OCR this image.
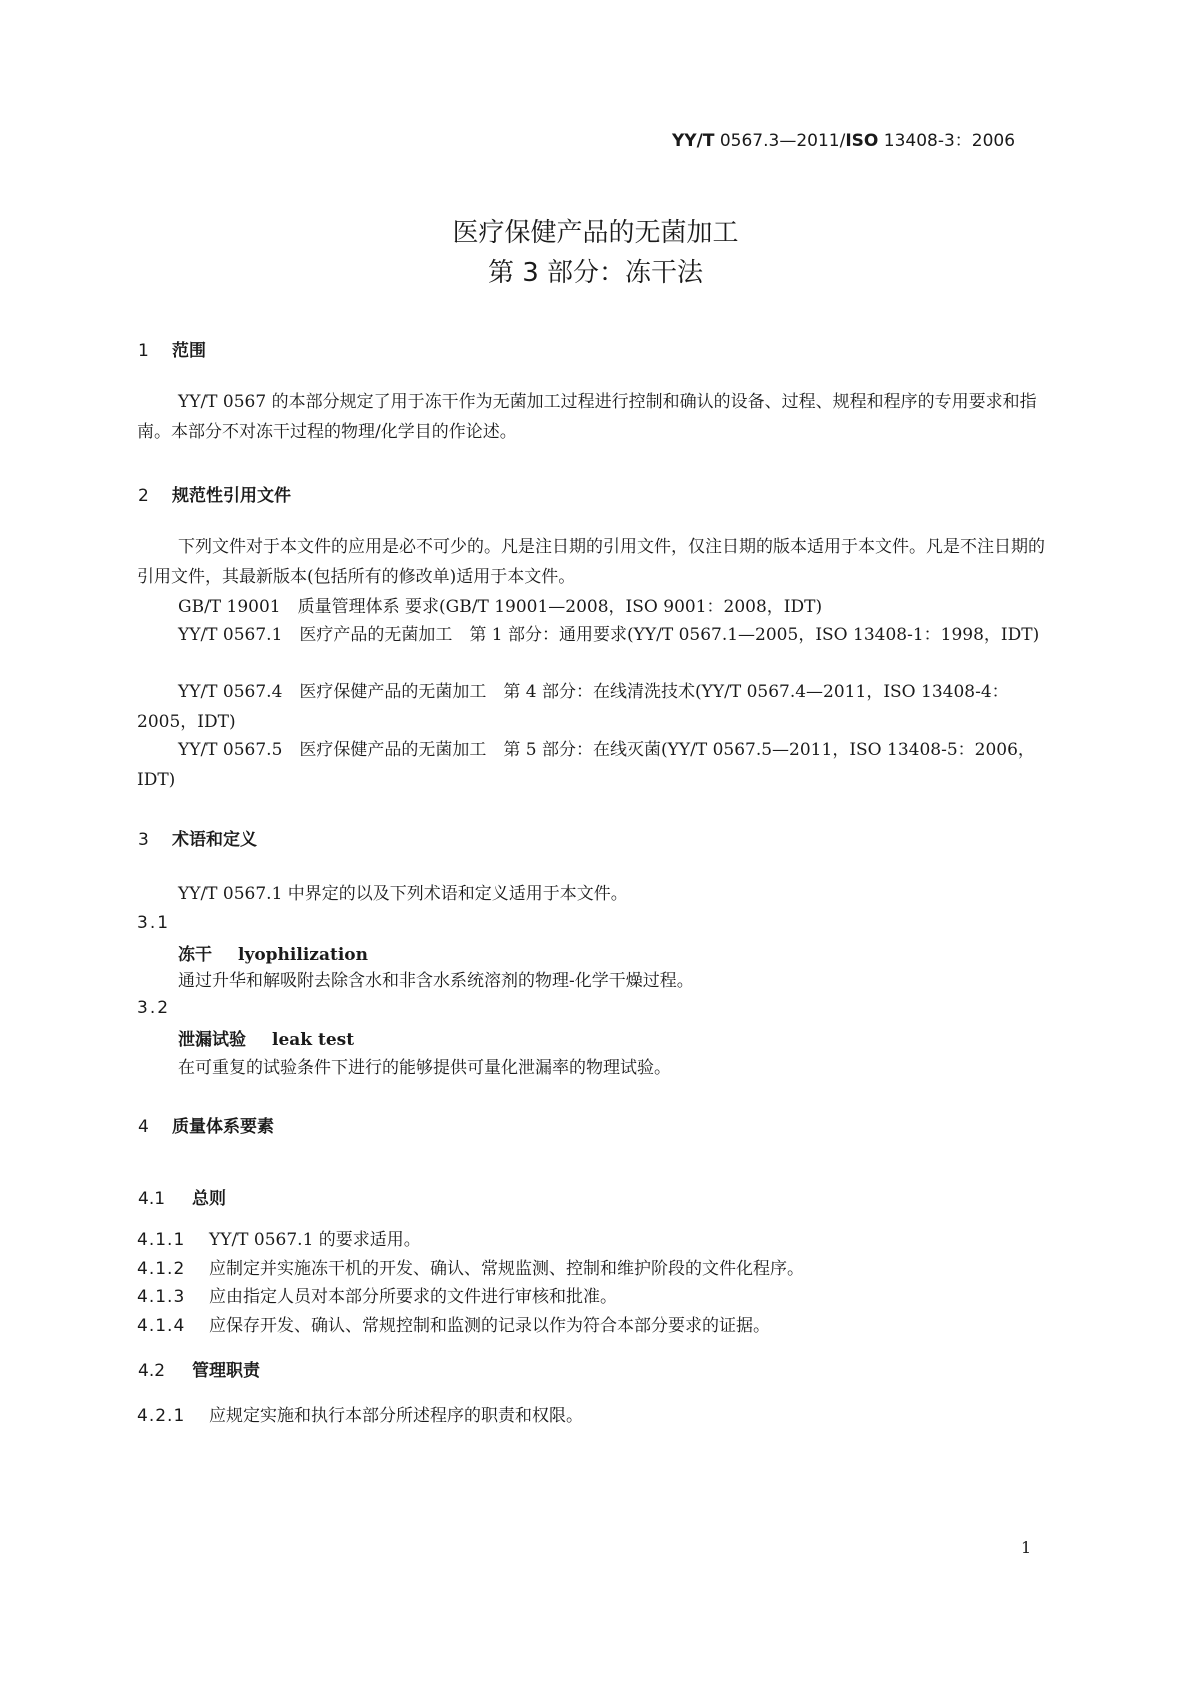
YY/T 0567.3—2011/ISO 13408-3：2006
医疗保健产品的无菌加工
第 3 部分：冻干法
1 范围
YY/T 0567 的本部分规定了用于冻干作为无菌加工过程进行控制和确认的设备、过程、规程和程序的专用要求和指南。本部分不对冻干过程的物理/化学目的作论述。
2 规范性引用文件
下列文件对于本文件的应用是必不可少的。凡是注日期的引用文件，仅注日期的版本适用于本文件。凡是不注日期的引用文件，其最新版本(包括所有的修改单)适用于本文件。
GB/T 19001　质量管理体系 要求(GB/T 19001—2008，ISO 9001：2008，IDT)
YY/T 0567.1　医疗产品的无菌加工　第 1 部分：通用要求(YY/T 0567.1—2005，ISO 13408-1：1998，IDT)
YY/T 0567.4　医疗保健产品的无菌加工　第 4 部分：在线清洗技术(YY/T 0567.4—2011，ISO 13408-4：2005，IDT)
YY/T 0567.5　医疗保健产品的无菌加工　第 5 部分：在线灭菌(YY/T 0567.5—2011，ISO 13408-5：2006，IDT)
3 术语和定义
YY/T 0567.1 中界定的以及下列术语和定义适用于本文件。
3.1
冻干 lyophilization
通过升华和解吸附去除含水和非含水系统溶剂的物理-化学干燥过程。
3.2
泄漏试验 leak test
在可重复的试验条件下进行的能够提供可量化泄漏率的物理试验。
4 质量体系要素
4.1 总则
4.1.1 YY/T 0567.1 的要求适用。
4.1.2 应制定并实施冻干机的开发、确认、常规监测、控制和维护阶段的文件化程序。
4.1.3 应由指定人员对本部分所要求的文件进行审核和批准。
4.1.4 应保存开发、确认、常规控制和监测的记录以作为符合本部分要求的证据。
4.2 管理职责
4.2.1 应规定实施和执行本部分所述程序的职责和权限。
1
